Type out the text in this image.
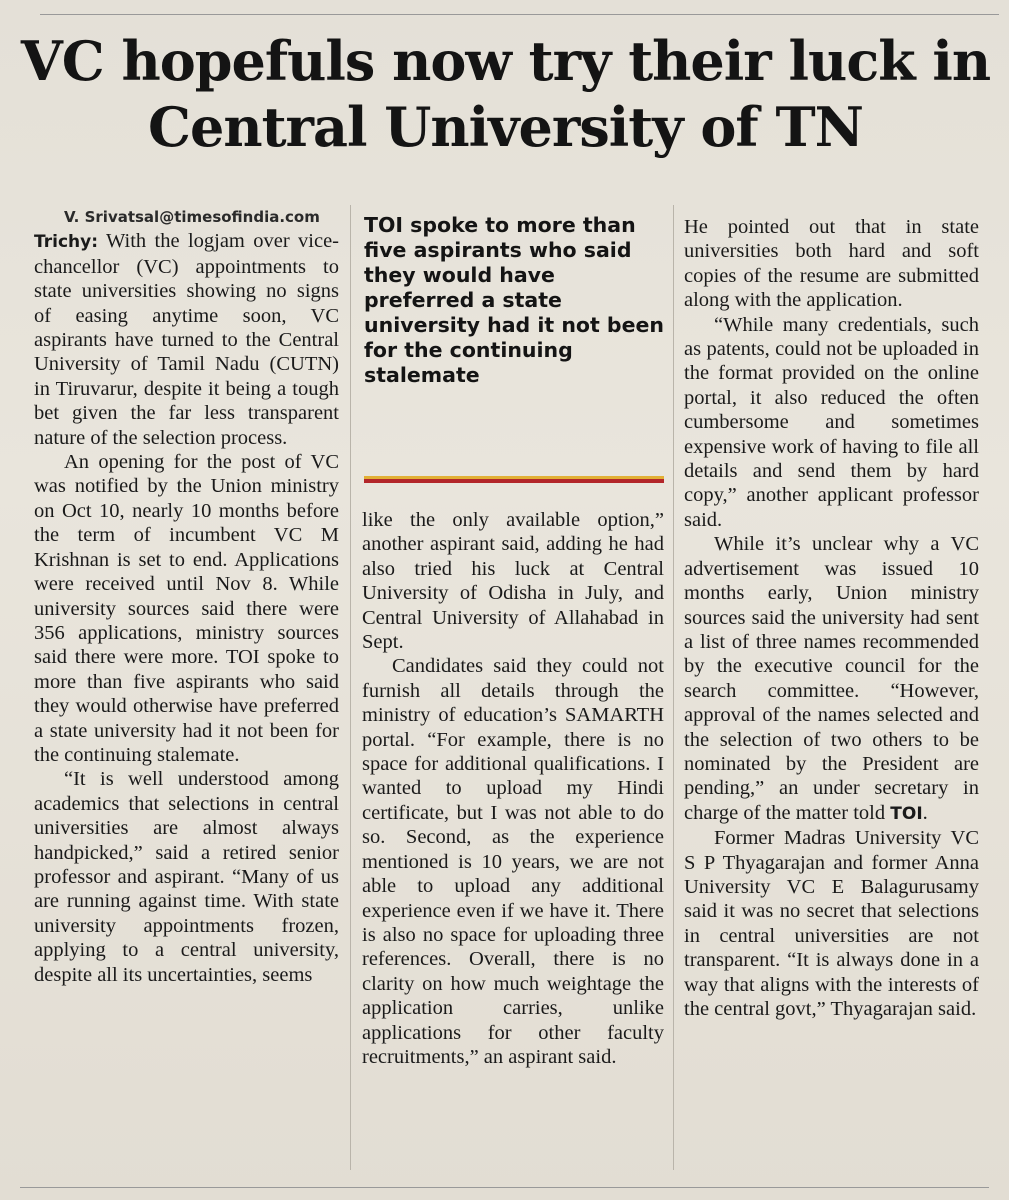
VC hopefuls now try their luck in Central University of TN

V. Srivatsal@timesofindia.com

Trichy: With the logjam over vice-chancellor (VC) appointments to state universities showing no signs of easing anytime soon, VC aspirants have turned to the Central University of Tamil Nadu (CUTN) in Tiruvarur, despite it being a tough bet given the far less transparent nature of the selection process.

An opening for the post of VC was notified by the Union ministry on Oct 10, nearly 10 months before the term of incumbent VC M Krishnan is set to end. Applications were received until Nov 8. While university sources said there were 356 applications, ministry sources said there were more. TOI spoke to more than five aspirants who said they would otherwise have preferred a state university had it not been for the continuing stalemate.

“It is well understood among academics that selections in central universities are almost always handpicked,” said a retired senior professor and aspirant. “Many of us are running against time. With state university appointments frozen, applying to a central university, despite all its uncertainties, seems

TOI spoke to more than five aspirants who said they would have preferred a state university had it not been for the continuing stalemate

like the only available option,” another aspirant said, adding he had also tried his luck at Central University of Odisha in July, and Central University of Allahabad in Sept.

Candidates said they could not furnish all details through the ministry of education’s SAMARTH portal. “For example, there is no space for additional qualifications. I wanted to upload my Hindi certificate, but I was not able to do so. Second, as the experience mentioned is 10 years, we are not able to upload any additional experience even if we have it. There is also no space for uploading three references. Overall, there is no clarity on how much weightage the application carries, unlike applications for other faculty recruitments,” an aspirant said.

He pointed out that in state universities both hard and soft copies of the resume are submitted along with the application.

“While many credentials, such as patents, could not be uploaded in the format provided on the online portal, it also reduced the often cumbersome and sometimes expensive work of having to file all details and send them by hard copy,” another applicant professor said.

While it’s unclear why a VC advertisement was issued 10 months early, Union ministry sources said the university had sent a list of three names recommended by the executive council for the search committee. “However, approval of the names selected and the selection of two others to be nominated by the President are pending,” an under secretary in charge of the matter told TOI.

Former Madras University VC S P Thyagarajan and former Anna University VC E Balagurusamy said it was no secret that selections in central universities are not transparent. “It is always done in a way that aligns with the interests of the central govt,” Thyagarajan said.
